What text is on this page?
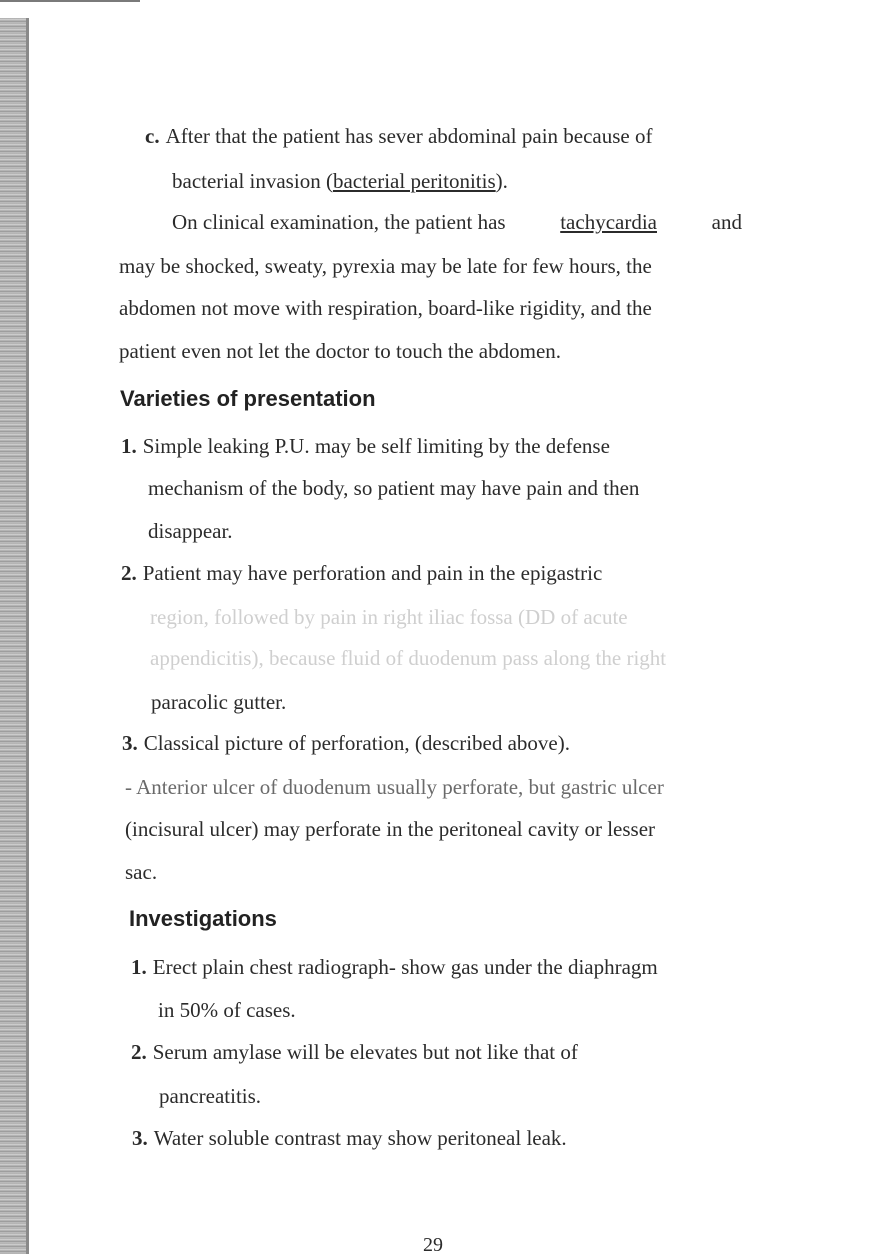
c. After that the patient has sever abdominal pain because of
bacterial invasion (bacterial peritonitis).
On clinical examination, the patient has	tachycardia	and
may be shocked, sweaty, pyrexia may be late for few hours, the
abdomen not move with respiration, board-like rigidity, and the
patient even not let the doctor to touch the abdomen.
Varieties of presentation
1. Simple leaking P.U. may be self limiting by the defense
mechanism of the body, so patient may have pain and then
disappear.
2. Patient may have perforation and pain in the epigastric
region, followed by pain in right iliac fossa (DD of acute
appendicitis), because fluid of duodenum pass along the right
paracolic gutter.
3. Classical picture of perforation, (described above).
- Anterior ulcer of duodenum usually perforate, but gastric ulcer
(incisural ulcer) may perforate in the peritoneal cavity or lesser
sac.
Investigations
1. Erect plain chest radiograph- show gas under the diaphragm
in 50% of cases.
2. Serum amylase will be elevates but not like that of
pancreatitis.
3. Water soluble contrast may show peritoneal leak.
29
